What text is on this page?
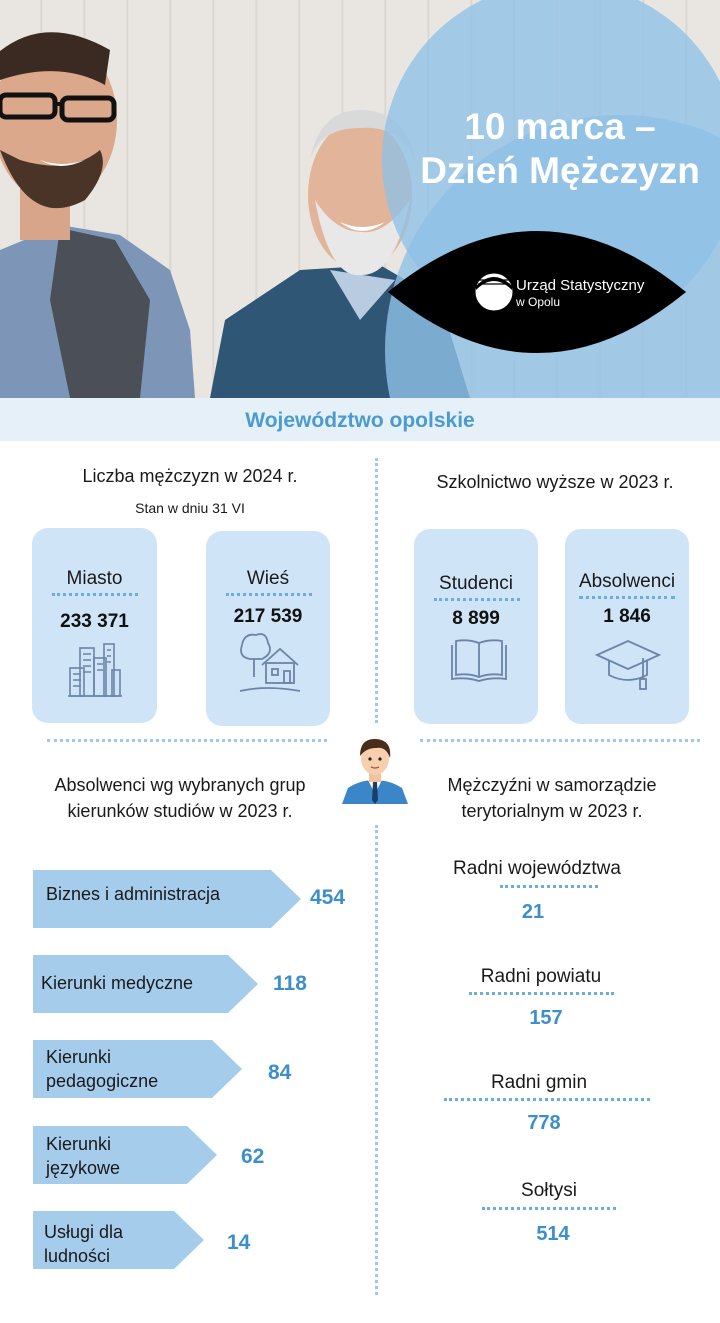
10 marca –
Dzień Mężczyzn
Urząd Statystyczny
w Opolu
Województwo opolskie
Liczba mężczyzn w 2024 r.
Stan w dniu 31 VI
Miasto
233 371
Wieś
217 539
Szkolnictwo wyższe w 2023 r.
Studenci
8 899
Absolwenci
1 846
Absolwenci wg wybranych grup
kierunków studiów w 2023 r.
Biznes i administracja	454
Kierunki medyczne	118
Kierunki
pedagogiczne	84
Kierunki
językowe	62
Usługi dla
ludności
14
Mężczyźni w samorządzie
terytorialnym w 2023 r.
Radni województwa
21
Radni powiatu
157
Radni gmin
778
Sołtysi
514
